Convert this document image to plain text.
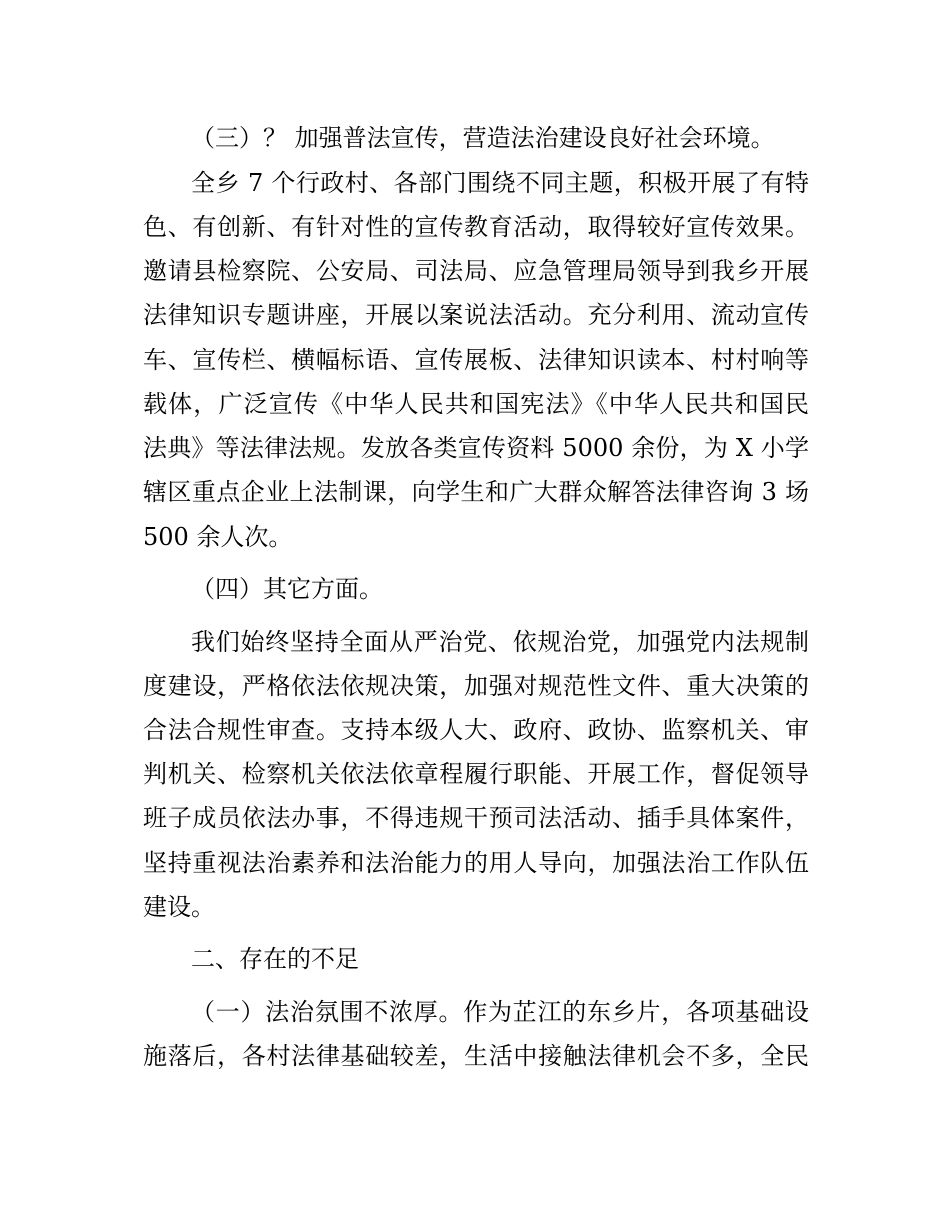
（三）？ 加强普法宣传，营造法治建设良好社会环境。
全乡 7 个行政村、各部门围绕不同主题，积极开展了有特
色、有创新、有针对性的宣传教育活动，取得较好宣传效果。
邀请县检察院、公安局、司法局、应急管理局领导到我乡开展
法律知识专题讲座，开展以案说法活动。充分利用、流动宣传
车、宣传栏、横幅标语、宣传展板、法律知识读本、村村响等
载体，广泛宣传《中华人民共和国宪法》《中华人民共和国民
法典》等法律法规。发放各类宣传资料 5000 余份，为 X 小学
辖区重点企业上法制课，向学生和广大群众解答法律咨询 3 场
500 余人次。
（四）其它方面。
我们始终坚持全面从严治党、依规治党，加强党内法规制
度建设，严格依法依规决策，加强对规范性文件、重大决策的
合法合规性审查。支持本级人大、政府、政协、监察机关、审
判机关、检察机关依法依章程履行职能、开展工作，督促领导
班子成员依法办事，不得违规干预司法活动、插手具体案件，
坚持重视法治素养和法治能力的用人导向，加强法治工作队伍
建设。
二、存在的不足
（一）法治氛围不浓厚。作为芷江的东乡片，各项基础设
施落后，各村法律基础较差，生活中接触法律机会不多，全民
